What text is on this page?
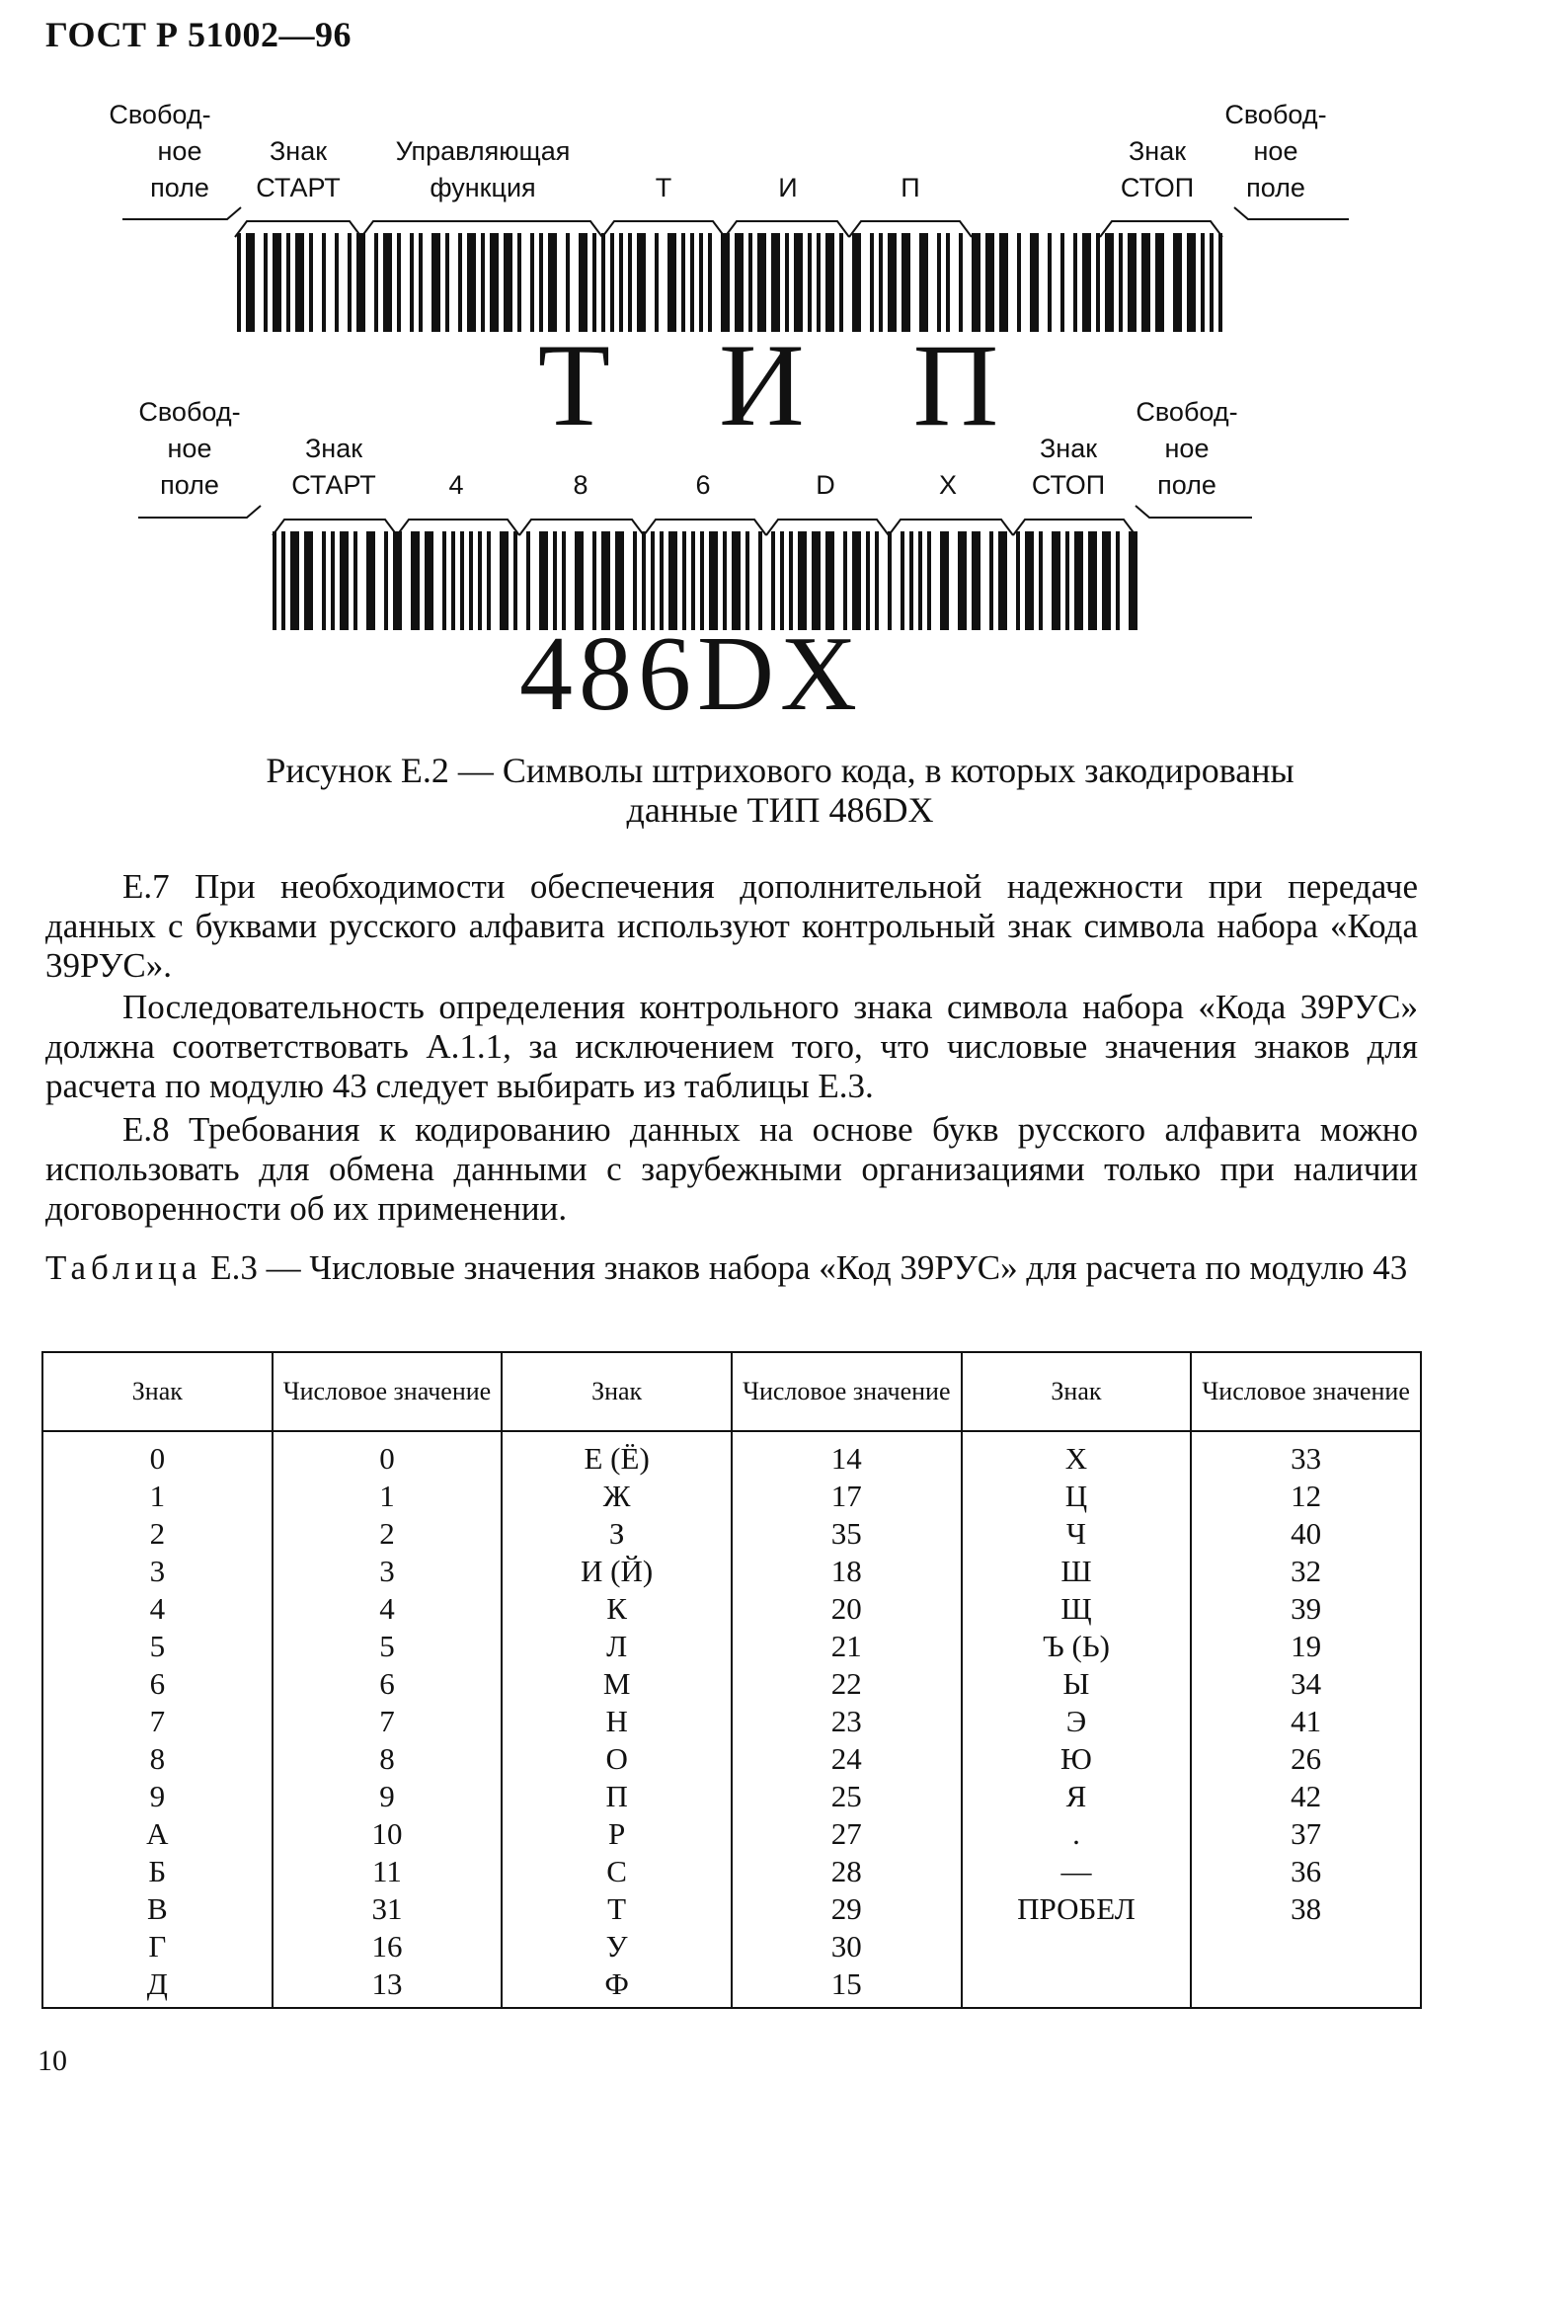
ГОСТ Р 51002—96
Свобод-
ное
поле
Знак
СТАРТ
Управляющая
функция	Т	И	П
Знак
СТОП
Свобод-
ное
поле
Т И П
Свобод-
ное
поле
Знак
СТАРТ	4	8	6	D	X
Знак
СТОП
Свобод-
ное
поле
486DX
Рисунок Е.2 — Символы штрихового кода, в которых закодированы
данные ТИП 486DX

Е.7 При необходимости обеспечения дополнительной надежности при передаче данных с буквами русского алфавита используют контрольный знак символа набора «Кода 39РУС».

Последовательность определения контрольного знака символа набора «Кода 39РУС» должна соответствовать А.1.1, за исключением того, что числовые значения знаков для расчета по модулю 43 следует выбирать из таблицы Е.3.

Е.8 Требования к кодированию данных на основе букв русского алфавита можно использовать для обмена данными с зарубежными организациями только при наличии договоренности об их применении.

Таблица Е.3 — Числовые значения знаков набора «Код 39РУС» для расчета по модулю 43
Знак	Числовое значение	Знак	Числовое значение	Знак	Числовое значение
0	0	Е (Ё)	14	Х	33
1	1	Ж	17	Ц	12
2	2	З	35	Ч	40
3	3	И (Й)	18	Ш	32
4	4	К	20	Щ	39
5	5	Л	21	Ъ (Ь)	19
6	6	М	22	Ы	34
7	7	Н	23	Э	41
8	8	О	24	Ю	26
9	9	П	25	Я	42
А	10	Р	27	.	37
Б	11	С	28	—	36
В	31	Т	29	ПРОБЕЛ	38
Г	16	У	30		
Д	13	Ф	15		
10
